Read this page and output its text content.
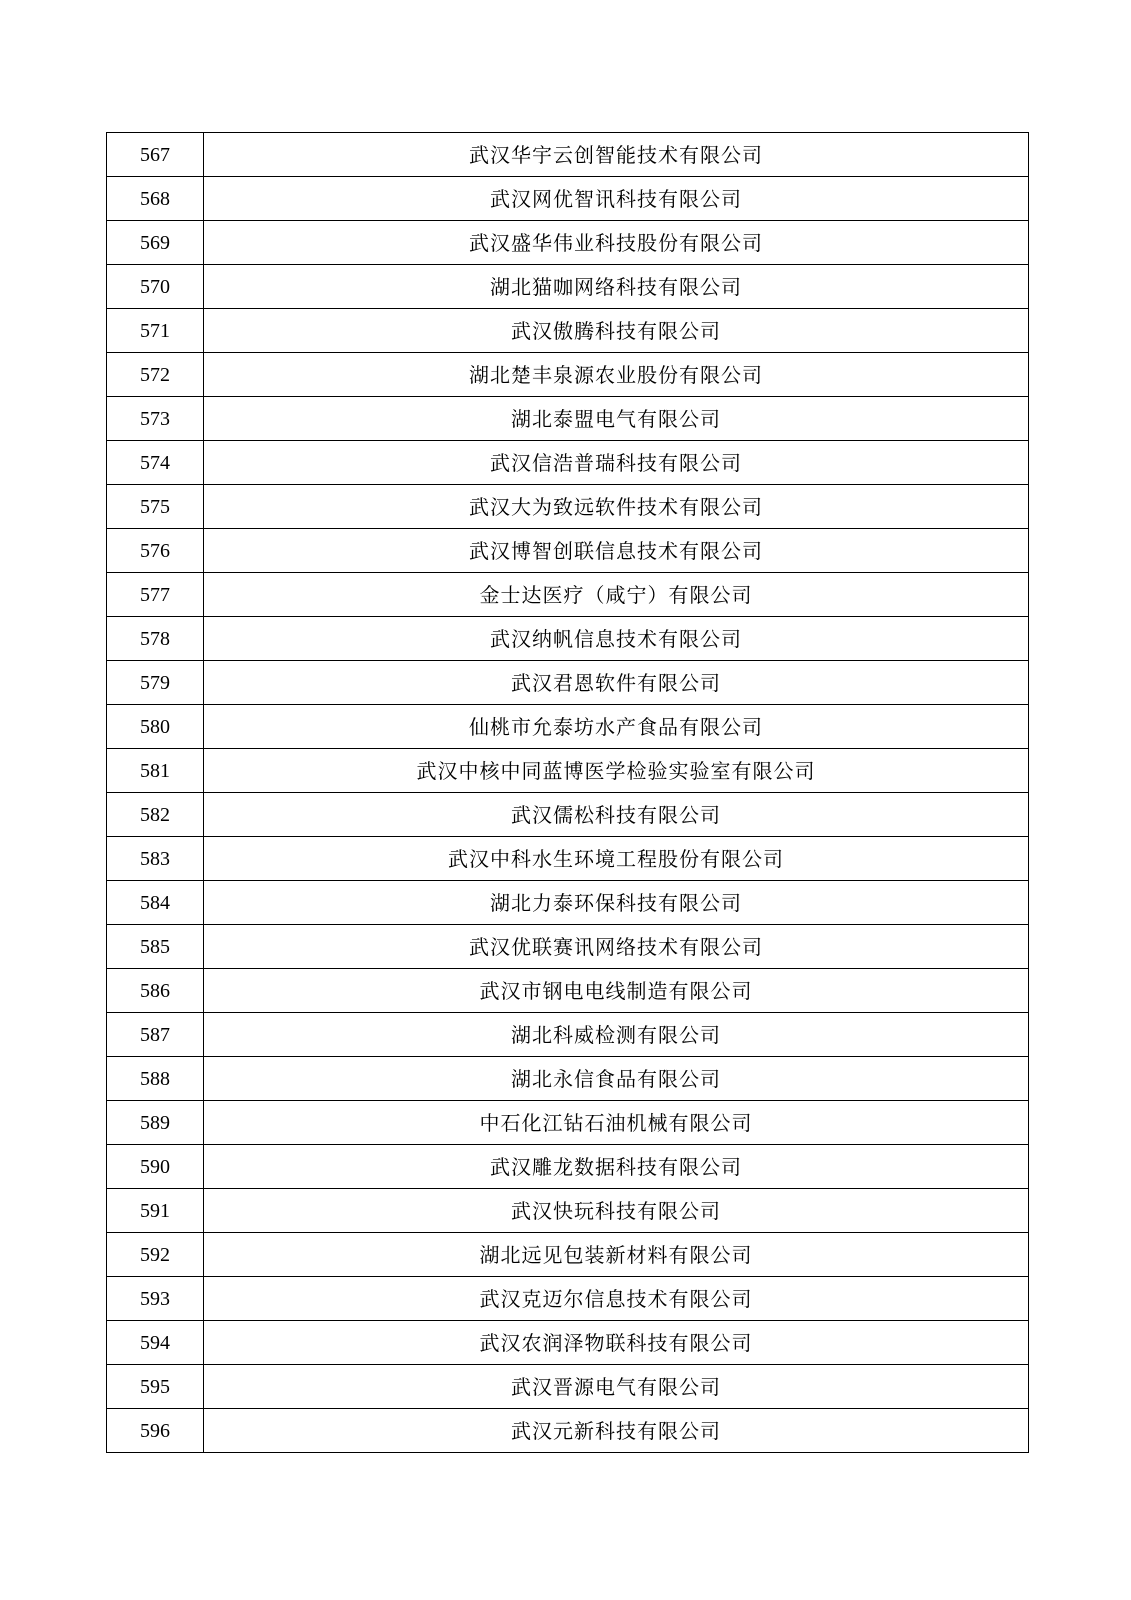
567	武汉华宇云创智能技术有限公司
568	武汉网优智讯科技有限公司
569	武汉盛华伟业科技股份有限公司
570	湖北猫咖网络科技有限公司
571	武汉傲腾科技有限公司
572	湖北楚丰泉源农业股份有限公司
573	湖北泰盟电气有限公司
574	武汉信浩普瑞科技有限公司
575	武汉大为致远软件技术有限公司
576	武汉博智创联信息技术有限公司
577	金士达医疗（咸宁）有限公司
578	武汉纳帆信息技术有限公司
579	武汉君恩软件有限公司
580	仙桃市允泰坊水产食品有限公司
581	武汉中核中同蓝博医学检验实验室有限公司
582	武汉儒松科技有限公司
583	武汉中科水生环境工程股份有限公司
584	湖北力泰环保科技有限公司
585	武汉优联赛讯网络技术有限公司
586	武汉市钢电电线制造有限公司
587	湖北科威检测有限公司
588	湖北永信食品有限公司
589	中石化江钻石油机械有限公司
590	武汉雕龙数据科技有限公司
591	武汉快玩科技有限公司
592	湖北远见包装新材料有限公司
593	武汉克迈尔信息技术有限公司
594	武汉农润泽物联科技有限公司
595	武汉晋源电气有限公司
596	武汉元新科技有限公司
